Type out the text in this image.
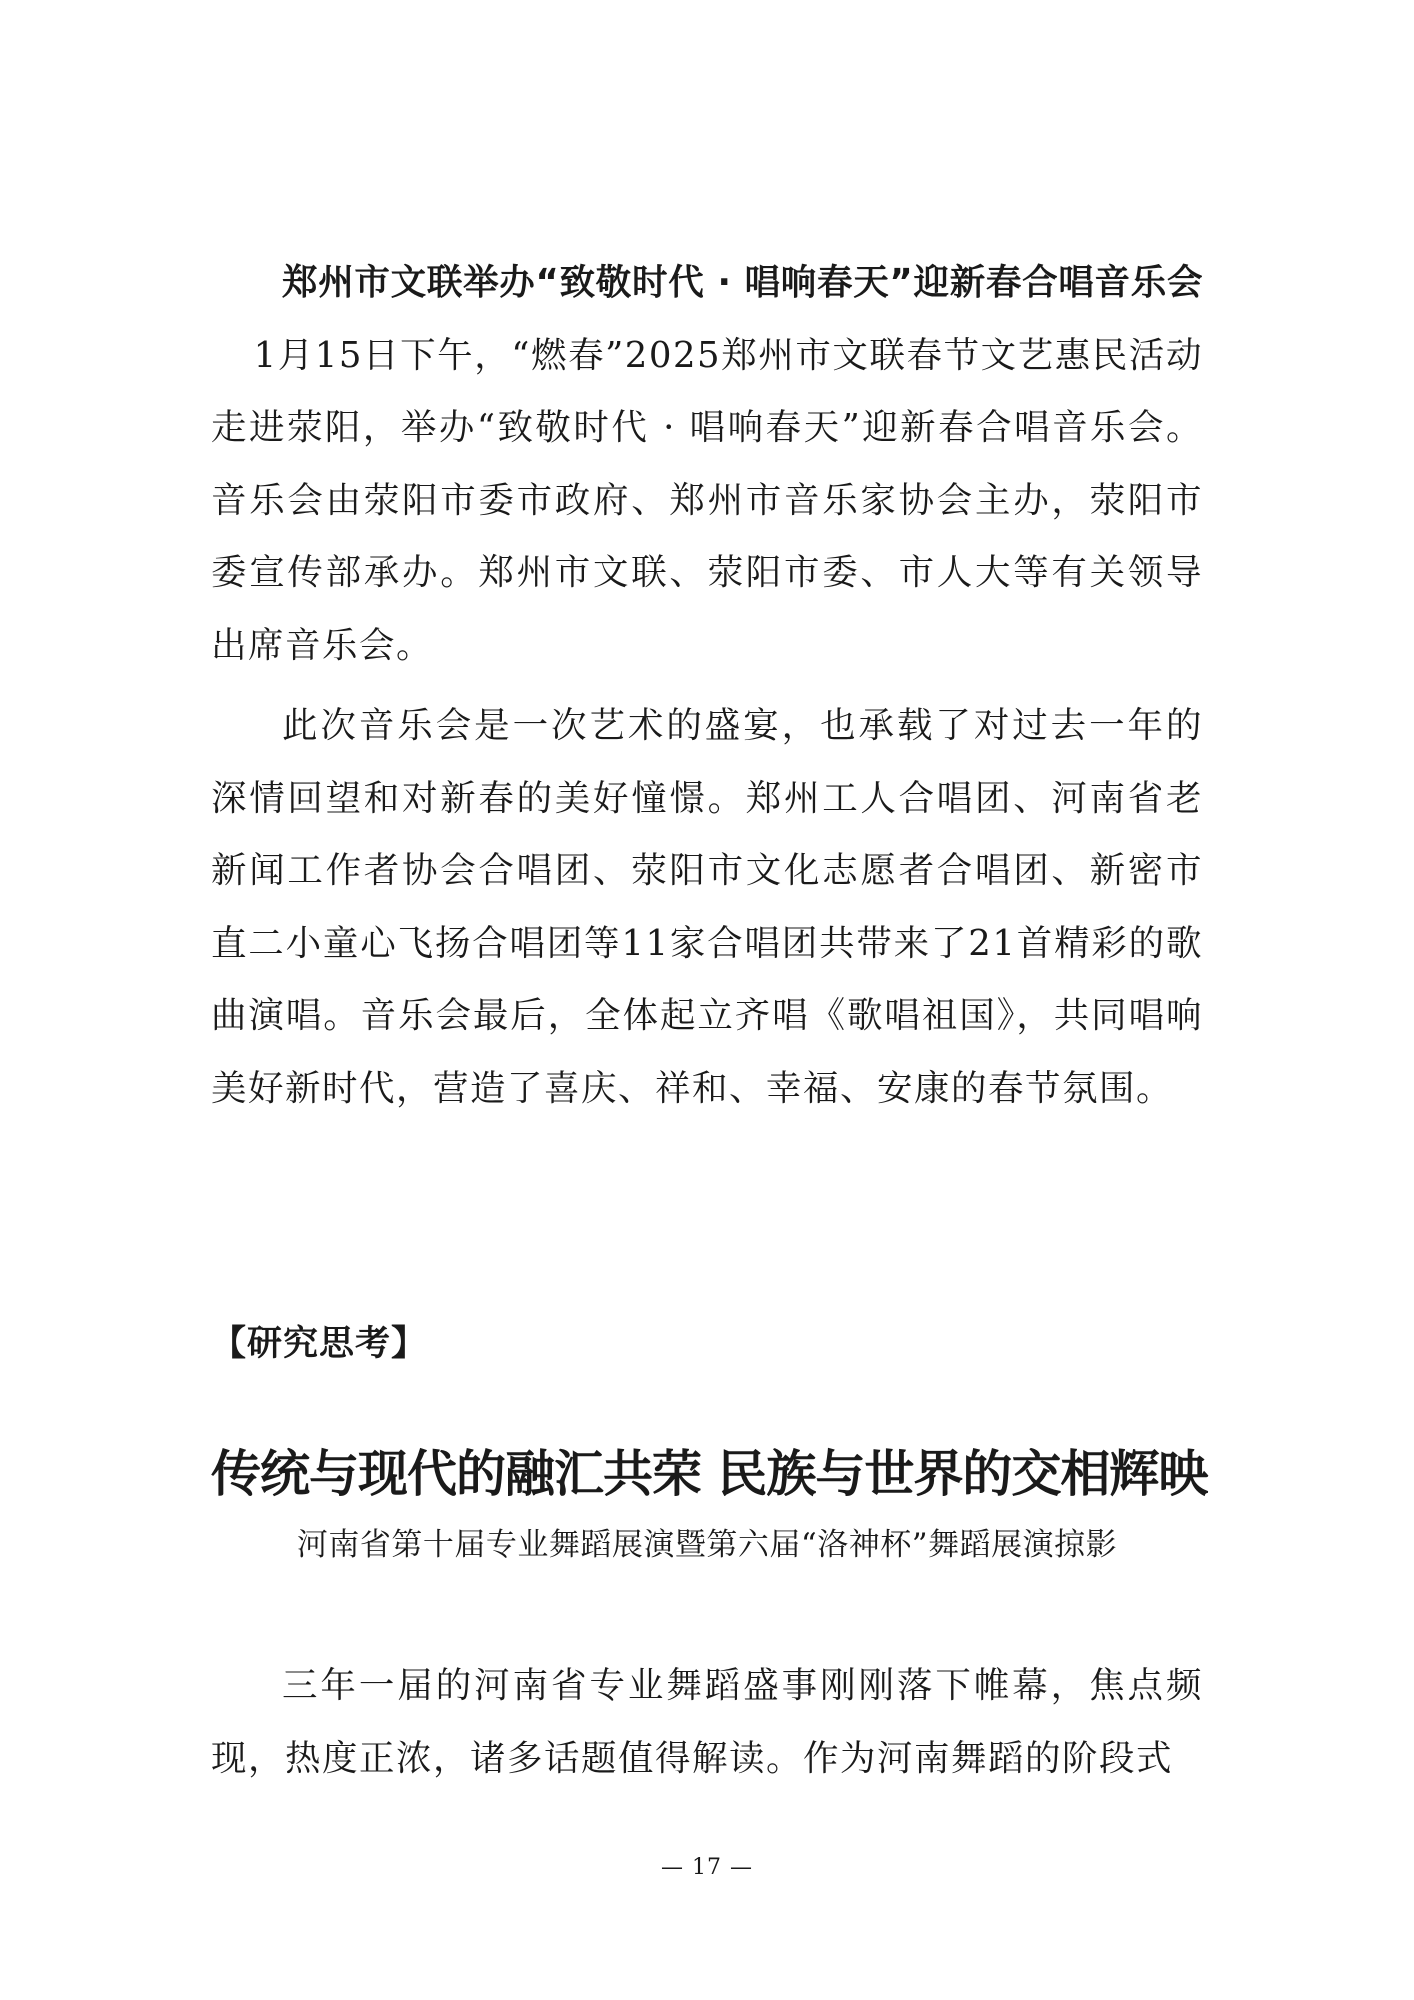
郑州市文联举办“致敬时代 · 唱响春天”迎新春合唱音乐会1月15日下午，“燃春”2025郑州市文联春节文艺惠民活动走进荥阳，举办“致敬时代 · 唱响春天”迎新春合唱音乐会。音乐会由荥阳市委市政府、郑州市音乐家协会主办，荥阳市委宣传部承办。郑州市文联、荥阳市委、市人大等有关领导出席音乐会。

此次音乐会是一次艺术的盛宴，也承载了对过去一年的深情回望和对新春的美好憧憬。郑州工人合唱团、河南省老新闻工作者协会合唱团、荥阳市文化志愿者合唱团、新密市直二小童心飞扬合唱团等11家合唱团共带来了21首精彩的歌曲演唱。音乐会最后，全体起立齐唱《歌唱祖国》，共同唱响美好新时代，营造了喜庆、祥和、幸福、安康的春节氛围。

【研究思考】

传统与现代的融汇共荣 民族与世界的交相辉映

河南省第十届专业舞蹈展演暨第六届“洛神杯”舞蹈展演掠影

三年一届的河南省专业舞蹈盛事刚刚落下帷幕，焦点频现，热度正浓，诸多话题值得解读。作为河南舞蹈的阶段式

— 17 —
